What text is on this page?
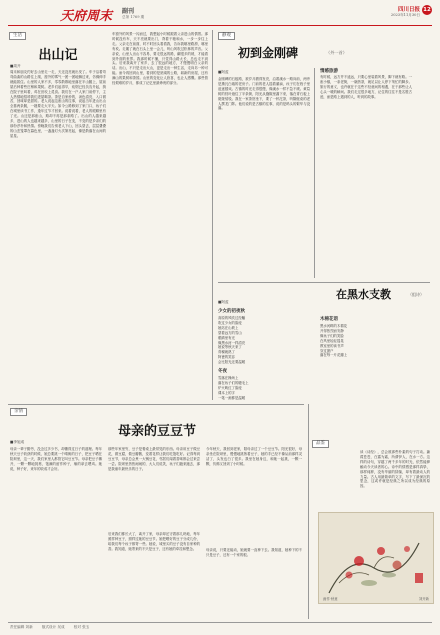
天府周末 副刊
总第 1769 期
四川日报
2023年11月30日
12
生活
出山记
■周开
周末和朋友约好去山里走一走，天还没亮就出发了。车子沿着弯弯曲曲的山路往上爬，窗外的雾气一团一团地飘过来，仿佛伸手就能抓住。山里的人家不多，零零散散地坐落在半山腰上，屋前屋后种着些庄稼和果树。老乡们起得早，炊烟已经袅袅升起，狗在院子里叫着，鸡在田坎上觅食。我们在一户人家门前停下，主人热情地招呼我们进屋喝茶。茶是自家炒的，汤色清亮，入口微苦，回味却是甜的。老人说起这座山的往事，说起当年进山出山全靠两条腿，一趟要走大半天。如今公路修到了家门口，孩子们在城里读书工作，逢年过节才回来。说着说着，老人的眼睛里有了光。山还是那座山，路却不再是那条路了。出山的人越来越多，进山的人也越来越多，山里的日子在变，不变的是乡亲们的那份淳朴和热情。傍晚我们告别老人下山，回头望去，层层叠叠的山峦笼罩在暮色里，一盏盏灯火次第亮起，像是散落在山间的星星。
车窗外的风景一闪而过，我想起小时候跟着父亲进山的情景。那时候没有车，天不亮就要出门，背着干粮和水，一步一步往上走。父亲走在前面，时不时回头看看我，告诉我哪里路滑，哪里有坎。走累了就在石头上坐一会儿，听山风吹过松林的声音。父亲说，山里人出山不容易，要走很远的路，翻很多的坡，才能看到外面的世界。我那时候不懂，只觉得山路太长，总也走不到头。后来我离开了家乡，去了很远的地方，才慢慢明白父亲的话。出山，不只是走出大山，更是走出一种生活，走向另一种可能。而今再回到山里，看到的是宽阔的公路，崭新的房屋，还有满山的果树和茶园。山里的变化让人欣喜，也让人感慨。那些曾经艰难的岁月，都成了记忆里最珍贵的部分。
静观
初到金刚碑	（外一首）
■阿蓝
金刚碑的石板路，被岁月磨得发亮，沿着溪水一路向前，两旁是黛瓦白墙的老房子。门前的老人摇着蒲扇，孩子们在巷子里追逐嬉戏。古镇的时光走得很慢，像溪水一样不急不缓。黄葛树的枝叶遮住了半条街，阳光从缝隙里漏下来，落在青石板上斑斑驳驳。我在一家茶馆坐下，要了一杯沱茶，听隔壁桌的老人摆龙门阵。他们说的是古镇的往事，说的是码头的繁华与没落。
情感旅游
有时候，远方并不遥远，只要心里装着风景，脚下就有路。一座小镇，一条老街，一碗热茶，就足以让人停下匆忙的脚步。旅行的意义，也许就在于这些不经意间的相遇，在于那些让人心头一暖的瞬间。我们走过很多地方，记住的往往不是名胜古迹，而是路上遇到的人，听到的故事。
在黑水支教	（组诗）
■阿蓝
少女的初夜秋
高原的风吹过经幡
吹过少女的脸庞
她站在山坡上
望着远方的雪山
眼睛里有光
像黑水河一样清亮
她说等秋天来了
青稞就熟了
阿爸的笑容
会比阳光还要温暖
冬夜
雪落在操场上
落在孩子们的睫毛上
炉火映红了脸庞
课本上的字
一笔一画都是温暖
木棉花语
黑水河畔的木棉花
开得热烈而安静
像孩子们的笑脸
在风里轻轻摇晃
教室里的读书声
穿过窗户
落在每一片花瓣上
亲情
母亲的豆豆节
■李旭成
母亲一辈子勤劳，没念过多少书，却懂得过日子的道理。每年秋天豆子收获的时候，她总要挑一个晴朗的日子，把豆子晒在院坝里，这一天，我们家里人都管它叫豆豆节。母亲把豆子摊开，一颗一颗地挑拣，饱满的留作种子，瘪的拿去喂鸡。她说，种子好，来年的收成才会好。
那些年家里穷，豆子是餐桌上最常见的东西。母亲用豆子做豆花，做豆腐，做豆瓣酱，变着花样让我们吃饱吃好。记得每到豆豆节，母亲总会煮一大锅豆花，邻居们闻着香味都会过来尝一尝。院坝里热热闹闹的，大人们说笑，孩子们跑来跑去，那是我童年最快乐的日子。
后来我们都长大了，离开了家，母亲却还守着那几块地，每年照样种豆子，照样过她的豆豆节。她把晒好的豆子分成几份，给我们每个孩子都寄一些。她说，城里买的豆子没有自家种的香。我知道，她寄来的不只是豆子，还有她的牵挂和想念。
今年秋天，我回到老家，陪母亲过了一个豆豆节。阳光很好，母亲坐在院坝里，慢慢地挑拣着豆子，她的手已经不像从前那样灵活了，头发也白了很多。我坐在她身边，和她一起挑，一颗一颗，仿佛又回到了小时候。
母亲说，只要还能动，她就要一直种下去。我知道，她种下的不只是豆子，还有一个家的根。
品鉴
读《诗经》，总会被那些朴素的句子打动。蒹葭苍苍，白露为霜，所谓伊人，在水一方。这样的诗句，穿越了两千多年的时光，依然能够触动今天读者的心。诗中的情感是那样真挚，那样纯粹，没有华丽的辞藻，却有着最动人的力量。古人用最简单的文字，写下了最深沉的思念，这或许就是经典之所以成为经典的原因。
画作·秋意	刘开新
责任编辑 刘新	版式设计 吴成	校对 张玉
